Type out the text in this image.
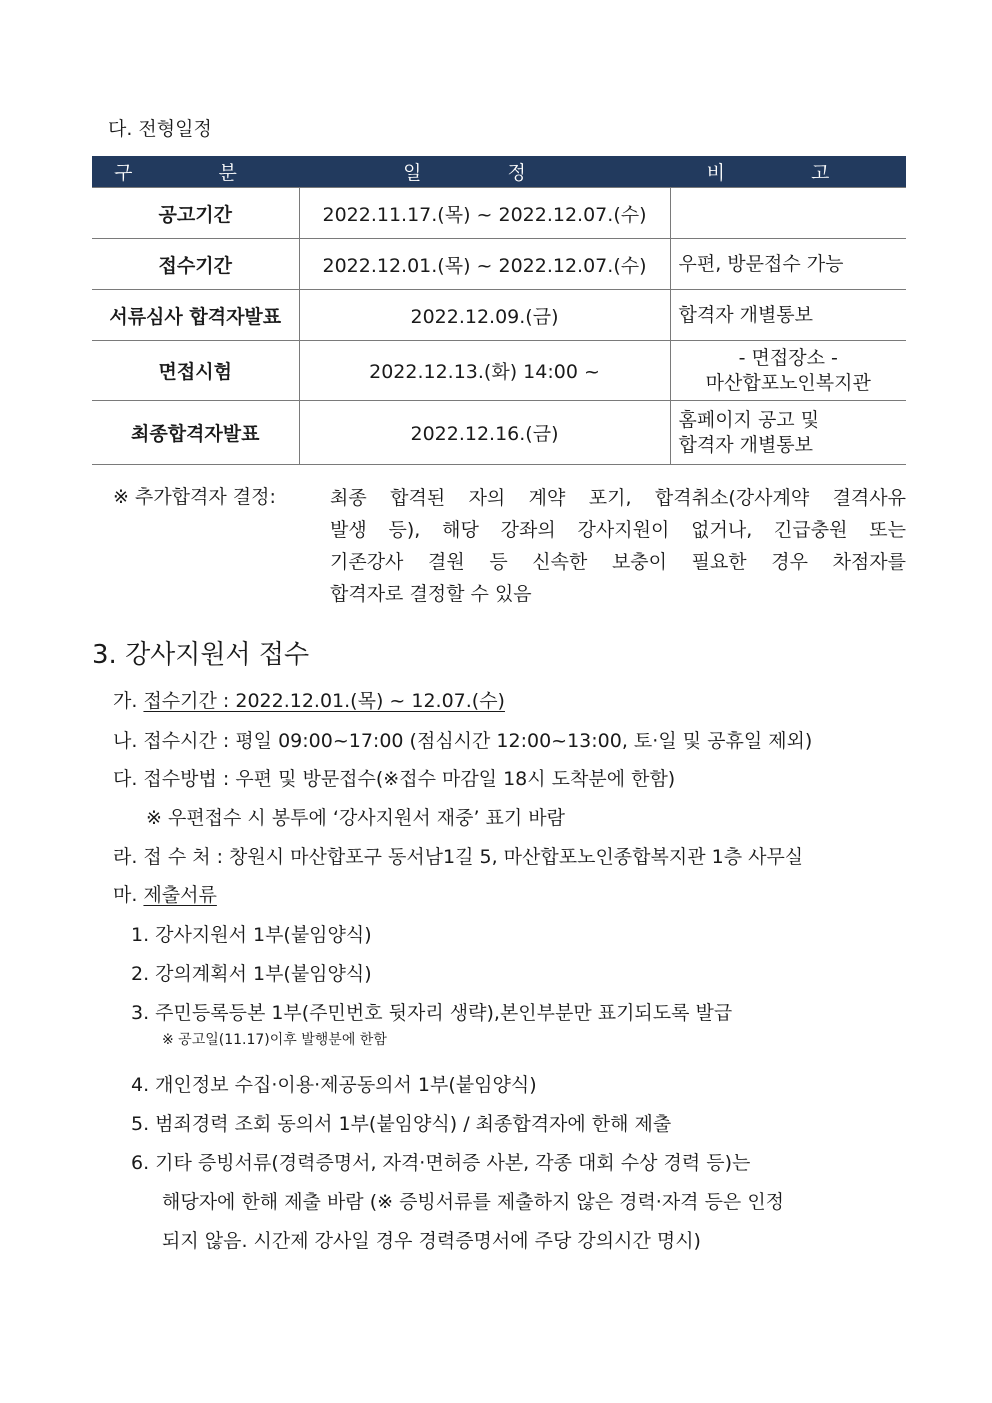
다. 전형일정
구 분	일 정	비 고
공고기간	2022.11.17.(목) ~ 2022.12.07.(수)	
접수기간	2022.12.01.(목) ~ 2022.12.07.(수)	우편, 방문접수 가능
서류심사 합격자발표	2022.12.09.(금)	합격자 개별통보
면접시험	2022.12.13.(화) 14:00 ~	- 면접장소 -
마산합포노인복지관

최종합격자발표	2022.12.16.(금)	홈페이지 공고 및
합격자 개별통보
※ 추가합격자 결정:	최종 합격된 자의 계약 포기, 합격취소(강사계약 결격사유
발생 등), 해당 강좌의 강사지원이 없거나, 긴급충원 또는
기존강사 결원 등 신속한 보충이 필요한 경우 차점자를
합격자로 결정할 수 있음
3. 강사지원서 접수
가. 접수기간 : 2022.12.01.(목) ~ 12.07.(수)
나. 접수시간 : 평일 09:00~17:00 (점심시간 12:00~13:00, 토·일 및 공휴일 제외)
다. 접수방법 : 우편 및 방문접수(※접수 마감일 18시 도착분에 한함)
※ 우편접수 시 봉투에 ‘강사지원서 재중’ 표기 바람
라. 접 수 처 : 창원시 마산합포구 동서남1길 5, 마산합포노인종합복지관 1층 사무실
마. 제출서류
1. 강사지원서 1부(붙임양식)
2. 강의계획서 1부(붙임양식)
3. 주민등록등본 1부(주민번호 뒷자리 생략),본인부분만 표기되도록 발급
※ 공고일(11.17)이후 발행분에 한함
4. 개인정보 수집·이용·제공동의서 1부(붙임양식)
5. 범죄경력 조회 동의서 1부(붙임양식) / 최종합격자에 한해 제출
6. 기타 증빙서류(경력증명서, 자격·면허증 사본, 각종 대회 수상 경력 등)는
해당자에 한해 제출 바람 (※ 증빙서류를 제출하지 않은 경력·자격 등은 인정
되지 않음. 시간제 강사일 경우 경력증명서에 주당 강의시간 명시)
